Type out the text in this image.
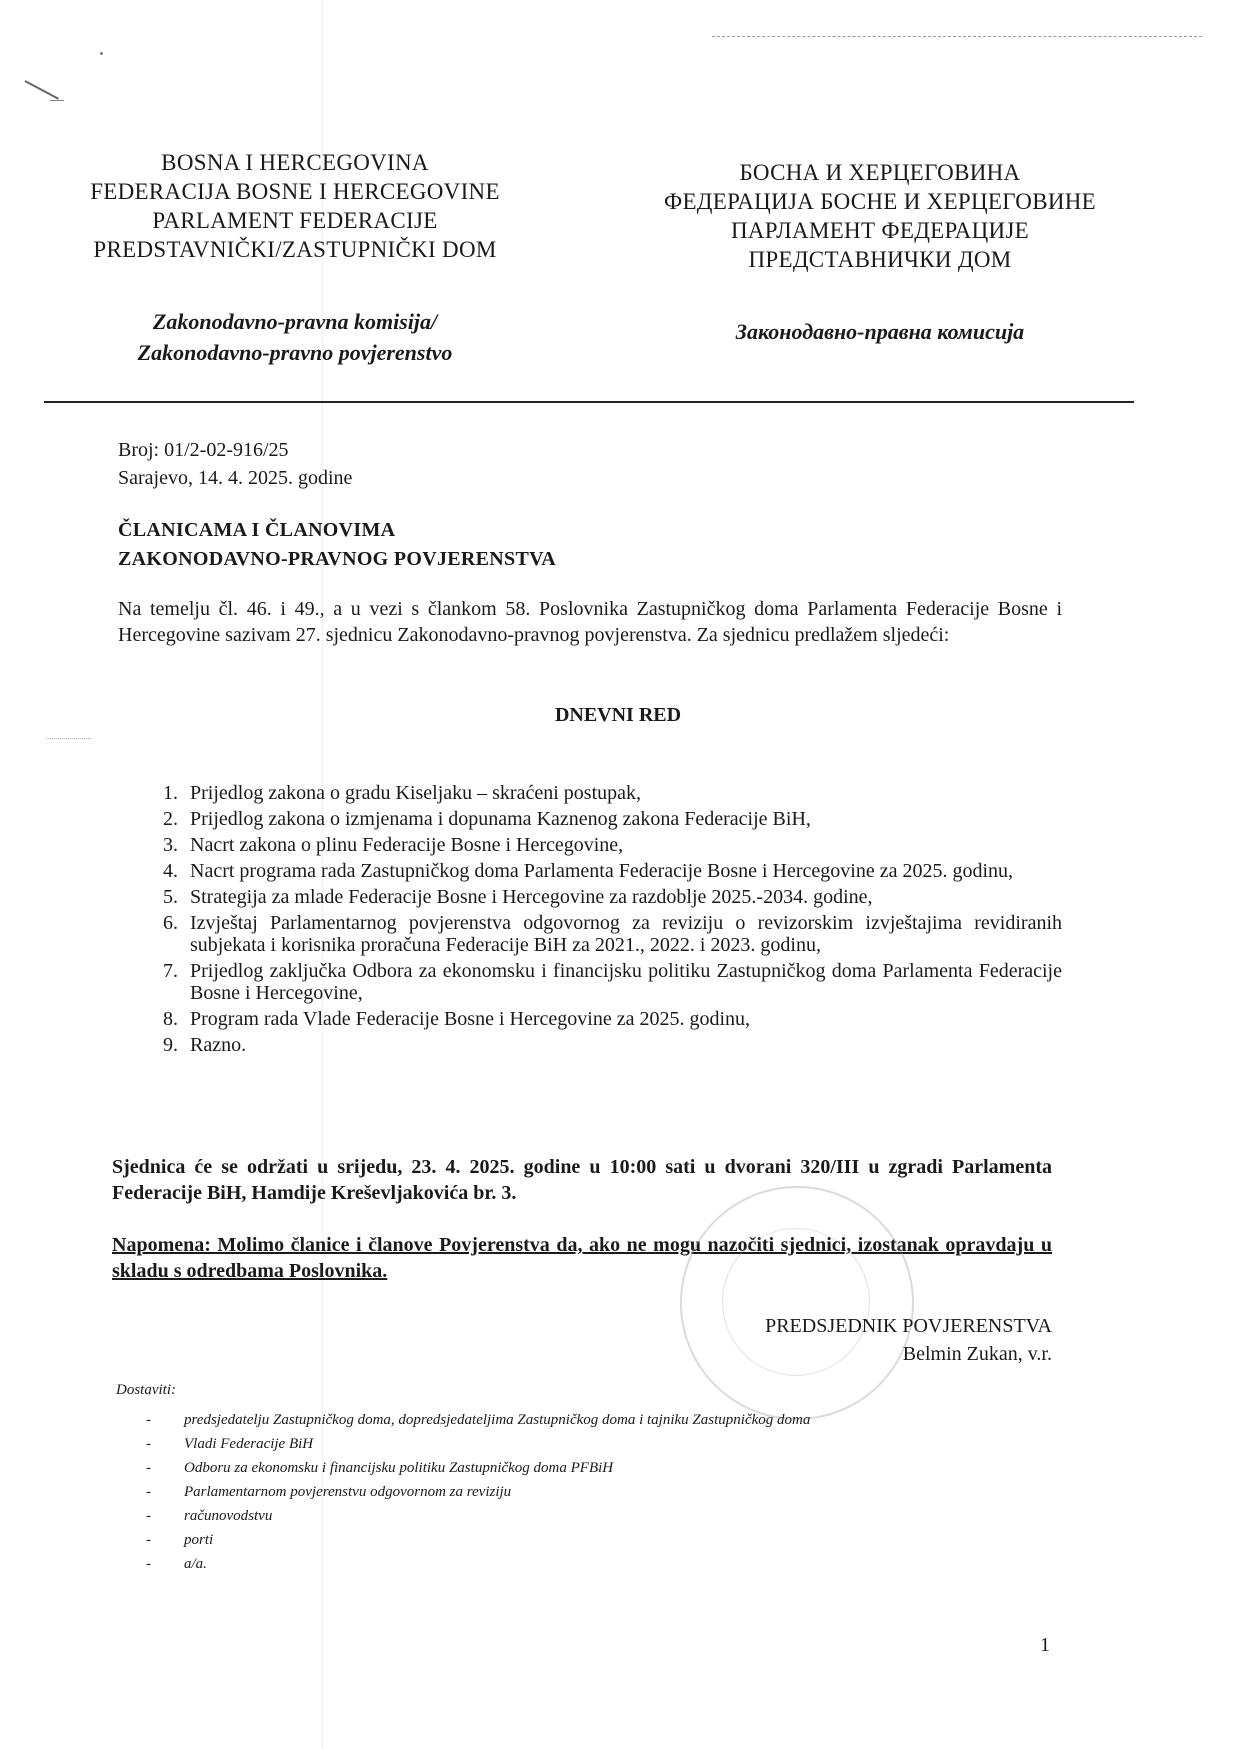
BOSNA I HERCEGOVINA
FEDERACIJA BOSNE I HERCEGOVINE
PARLAMENT FEDERACIJE
PREDSTAVNIČKI/ZASTUPNIČKI DOM
Zakonodavno-pravna komisija/
Zakonodavno-pravno povjerenstvo
БОСНА И ХЕРЦЕГОВИНА
ФЕДЕРАЦИЈА БОСНЕ И ХЕРЦЕГОВИНЕ
ПАРЛАМЕНТ ФЕДЕРАЦИЈЕ
ПРЕДСТАВНИЧКИ ДОМ
Законодавно-правна комисија
Broj: 01/2-02-916/25
Sarajevo, 14. 4. 2025. godine
ČLANICAMA I ČLANOVIMA
ZAKONODAVNO-PRAVNOG POVJERENSTVA
Na temelju čl. 46. i 49., a u vezi s člankom 58. Poslovnika Zastupničkog doma Parlamenta Federacije Bosne i Hercegovine sazivam 27. sjednicu Zakonodavno-pravnog povjerenstva. Za sjednicu predlažem sljedeći:
DNEVNI RED
1. Prijedlog zakona o gradu Kiseljaku – skraćeni postupak,
2. Prijedlog zakona o izmjenama i dopunama Kaznenog zakona Federacije BiH,
3. Nacrt zakona o plinu Federacije Bosne i Hercegovine,
4. Nacrt programa rada Zastupničkog doma Parlamenta Federacije Bosne i Hercegovine za 2025. godinu,
5. Strategija za mlade Federacije Bosne i Hercegovine za razdoblje 2025.-2034. godine,
6. Izvještaj Parlamentarnog povjerenstva odgovornog za reviziju o revizorskim izvještajima revidiranih subjekata i korisnika proračuna Federacije BiH za 2021., 2022. i 2023. godinu,
7. Prijedlog zaključka Odbora za ekonomsku i financijsku politiku Zastupničkog doma Parlamenta Federacije Bosne i Hercegovine,
8. Program rada Vlade Federacije Bosne i Hercegovine za 2025. godinu,
9. Razno.
Sjednica će se održati u srijedu, 23. 4. 2025. godine u 10:00 sati u dvorani 320/III u zgradi Parlamenta Federacije BiH, Hamdije Kreševljakovića br. 3.
Napomena: Molimo članice i članove Povjerenstva da, ako ne mogu nazočiti sjednici, izostanak opravdaju u skladu s odredbama Poslovnika.
PREDSJEDNIK POVJERENSTVA
Belmin Zukan, v.r.
Dostaviti:
- predsjedatelju Zastupničkog doma, dopredsjedateljima Zastupničkog doma i tajniku Zastupničkog doma
- Vladi Federacije BiH
- Odboru za ekonomsku i financijsku politiku Zastupničkog doma PFBiH
- Parlamentarnom povjerenstvu odgovornom za reviziju
- računovodstvu
- porti
- a/a.
1
